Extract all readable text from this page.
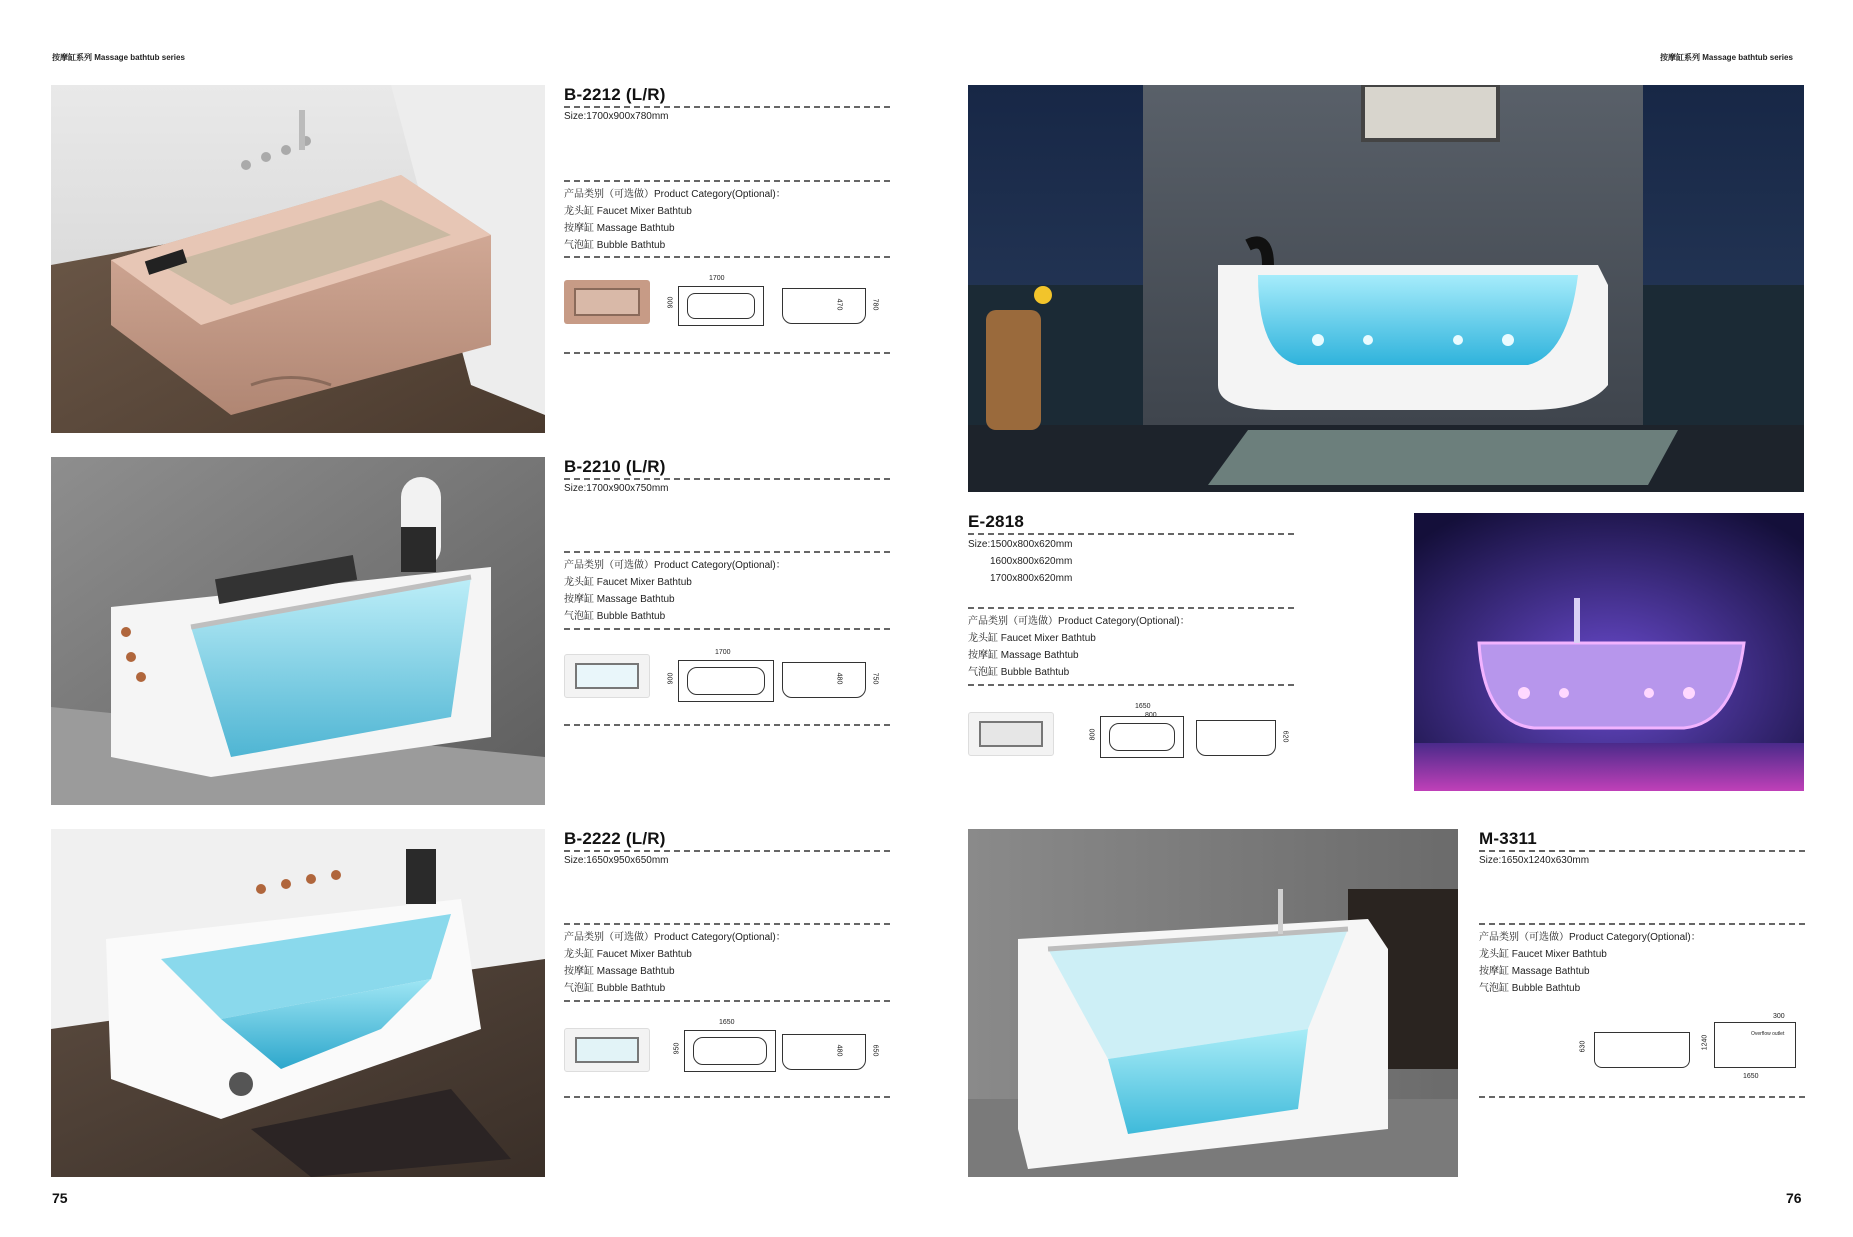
按摩缸系列 Massage bathtub series	按摩缸系列 Massage bathtub series
B-2212 (L/R)
Size:1700x900x780mm
产品类别（可选做）Product Category(Optional)：
龙头缸 Faucet Mixer Bathtub
按摩缸 Massage Bathtub
气泡缸 Bubble Bathtub
1700
900	470	780
B-2210 (L/R)
Size:1700x900x750mm
产品类别（可选做）Product Category(Optional)：
龙头缸 Faucet Mixer Bathtub
按摩缸 Massage Bathtub
气泡缸 Bubble Bathtub
1700
900	480	750
B-2222 (L/R)
Size:1650x950x650mm
产品类别（可选做）Product Category(Optional)：
龙头缸 Faucet Mixer Bathtub
按摩缸 Massage Bathtub
气泡缸 Bubble Bathtub
1650
950	480	650
75
E-2818
Size:1500x800x620mm
1600x800x620mm
1700x800x620mm
产品类别（可选做）Product Category(Optional)：
龙头缸 Faucet Mixer Bathtub
按摩缸 Massage Bathtub
气泡缸 Bubble Bathtub
1650
800
800	620
M-3311
Size:1650x1240x630mm
产品类别（可选做）Product Category(Optional)：
龙头缸 Faucet Mixer Bathtub
按摩缸 Massage Bathtub
气泡缸 Bubble Bathtub
630
1650
1240
300
Overflow outlet
76
